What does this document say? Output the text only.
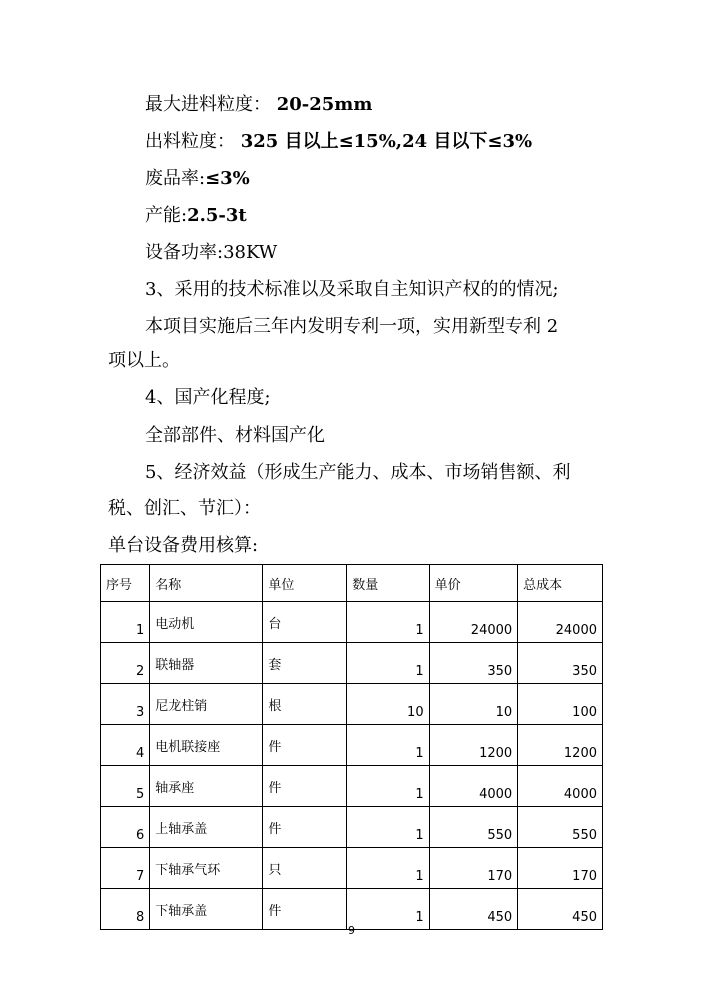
最大进料粒度： 20-25mm
出料粒度： 325 目以上≤15%,24 目以下≤3%
废品率:≤3%
产能:2.5-3t
设备功率:38KW
3、采用的技术标准以及采取自主知识产权的的情况;
本项目实施后三年内发明专利一项，实用新型专利 2
项以上。
4、国产化程度;
全部部件、材料国产化
5、经济效益（形成生产能力、成本、市场销售额、利
税、创汇、节汇）：
单台设备费用核算:
序号	名称	单位	数量	单价	总成本
1	电动机	台	1	24000	24000
2	联轴器	套	1	350	350
3	尼龙柱销	根	10	10	100
4	电机联接座	件	1	1200	1200
5	轴承座	件	1	4000	4000
6	上轴承盖	件	1	550	550
7	下轴承气环	只	1	170	170
8	下轴承盖	件	1	450	450
9
